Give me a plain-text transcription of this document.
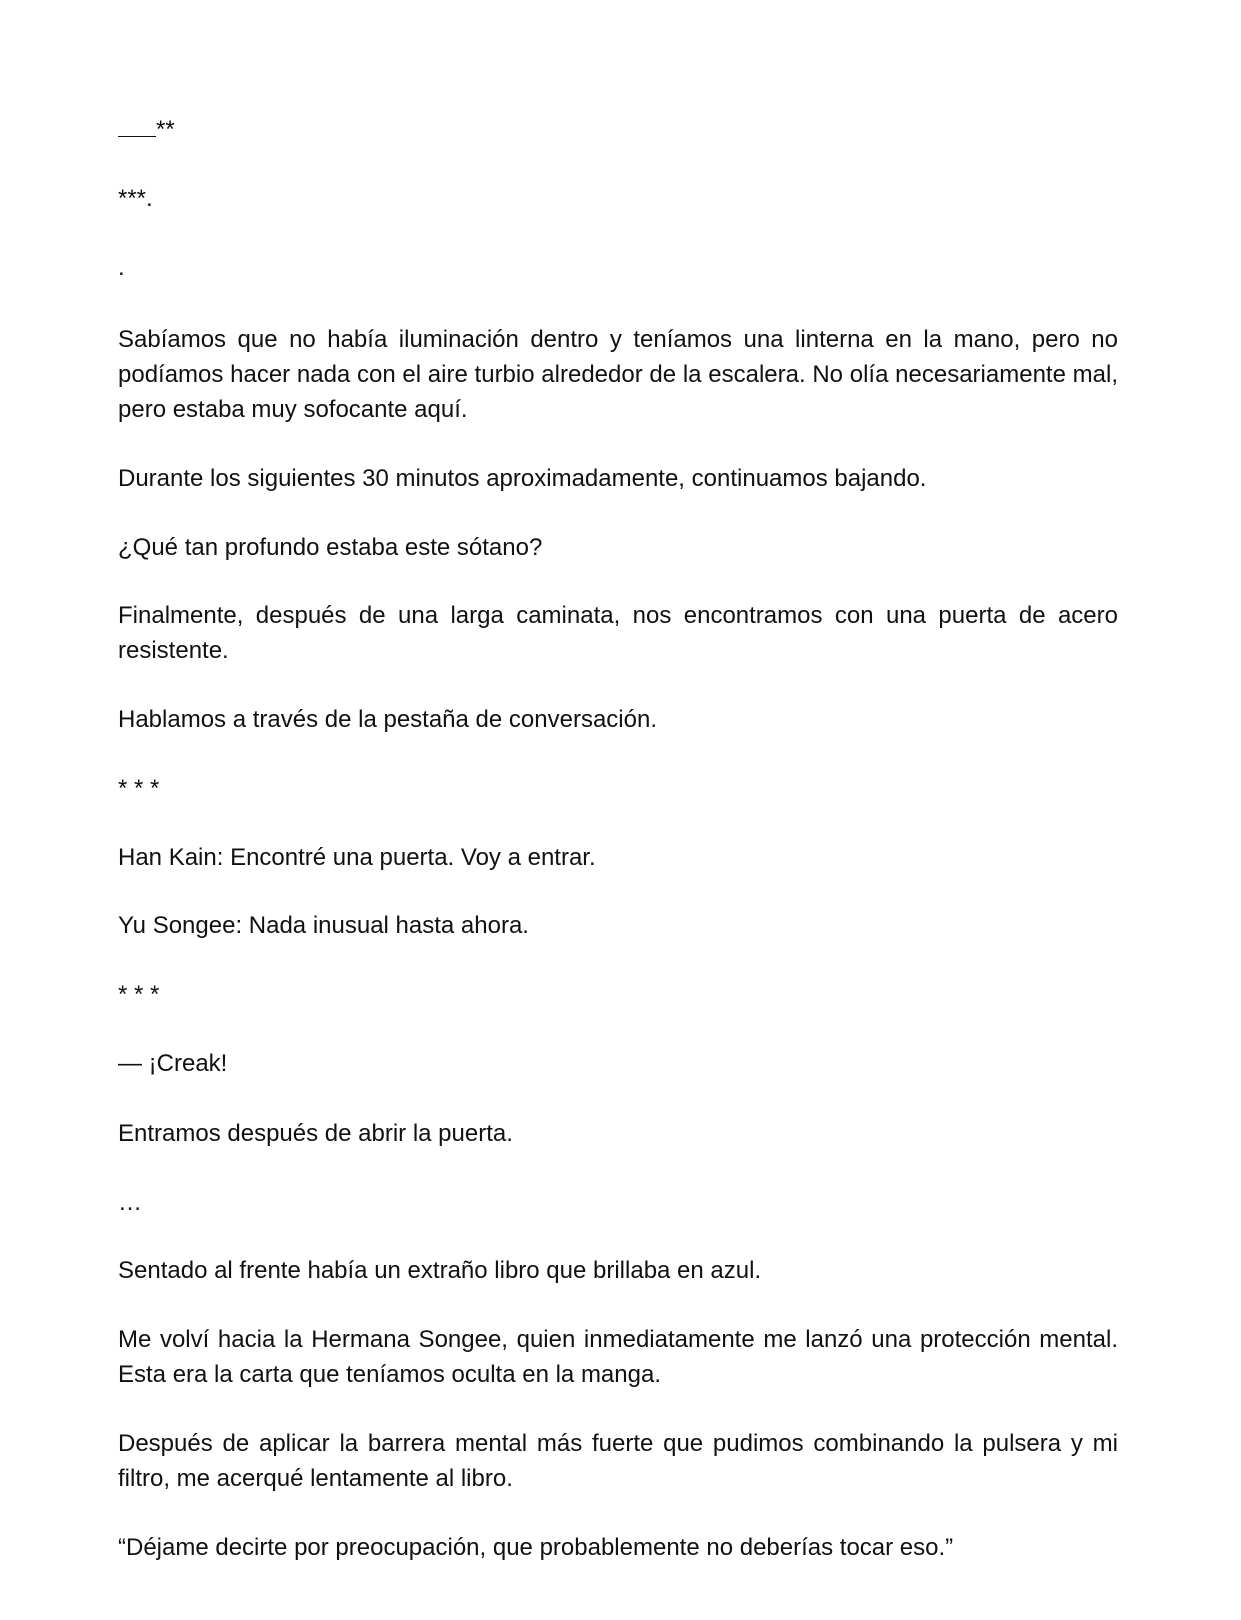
**
***.
.

Sabíamos que no había iluminación dentro y teníamos una linterna en la mano, pero no podíamos hacer nada con el aire turbio alrededor de la escalera. No olía necesariamente mal, pero estaba muy sofocante aquí.

Durante los siguientes 30 minutos aproximadamente, continuamos bajando.

¿Qué tan profundo estaba este sótano?

Finalmente, después de una larga caminata, nos encontramos con una puerta de acero resistente.

Hablamos a través de la pestaña de conversación.

* * *

Han Kain: Encontré una puerta. Voy a entrar.

Yu Songee: Nada inusual hasta ahora.

* * *

— ¡Creak!

Entramos después de abrir la puerta.

…

Sentado al frente había un extraño libro que brillaba en azul.

Me volví hacia la Hermana Songee, quien inmediatamente me lanzó una protección mental. Esta era la carta que teníamos oculta en la manga.

Después de aplicar la barrera mental más fuerte que pudimos combinando la pulsera y mi filtro, me acerqué lentamente al libro.

“Déjame decirte por preocupación, que probablemente no deberías tocar eso.”
